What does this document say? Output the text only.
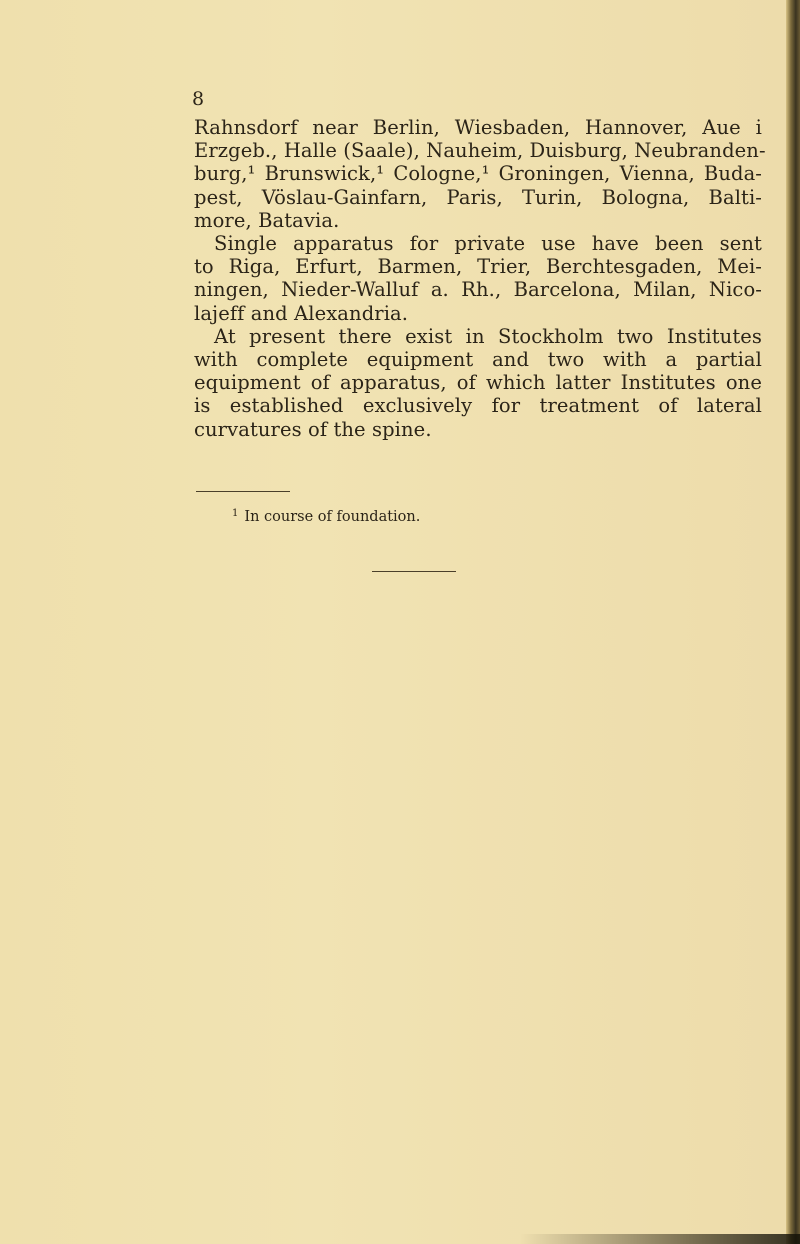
8
Rahnsdorf near Berlin, Wiesbaden, Hannover, Aue i
Erzgeb., Halle (Saale), Nauheim, Duisburg, Neubranden-
burg,¹ Brunswick,¹ Cologne,¹ Groningen, Vienna, Buda-
pest, Vöslau-Gainfarn, Paris, Turin, Bologna, Balti-
more, Batavia.
Single apparatus for private use have been sent
to Riga, Erfurt, Barmen, Trier, Berchtesgaden, Mei-
ningen, Nieder-Walluf a. Rh., Barcelona, Milan, Nico-
lajeff and Alexandria.
At present there exist in Stockholm two Institutes
with complete equipment and two with a partial
equipment of apparatus, of which latter Institutes one
is established exclusively for treatment of lateral
curvatures of the spine.
$^1$ In course of foundation.
